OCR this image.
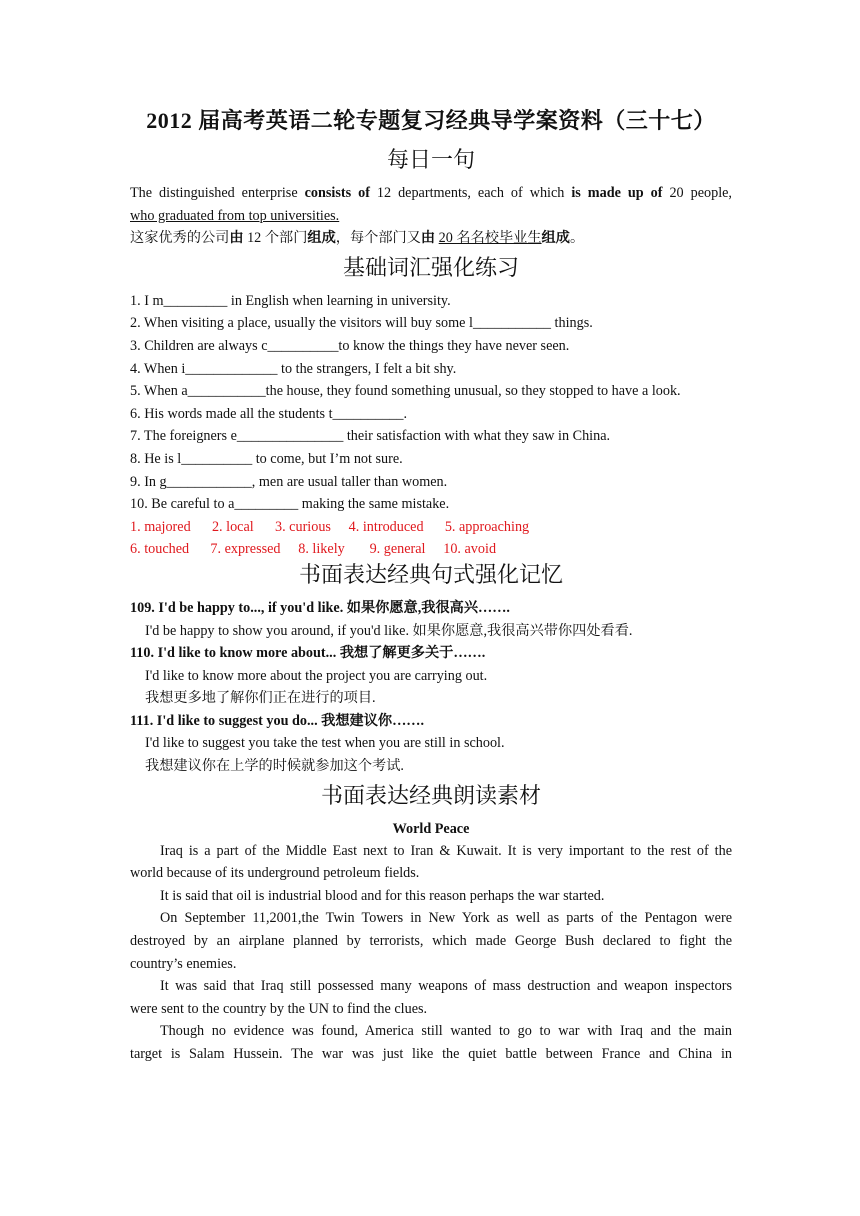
2012 届高考英语二轮专题复习经典导学案资料（三十七）
每日一句
The distinguished enterprise consists of 12 departments, each of which is made up of 20 people,
who graduated from top universities.
这家优秀的公司由 12 个部门组成，每个部门又由 20 名名校毕业生组成。
基础词汇强化练习
1. I m_________ in English when learning in university.
2. When visiting a place, usually the visitors will buy some l___________ things.
3. Children are always c__________to know the things they have never seen.
4. When i_____________ to the strangers, I felt a bit shy.
5. When a___________the house, they found something unusual, so they stopped to have a look.
6. His words made all the students t__________.
7. The foreigners e_______________ their satisfaction with what they saw in China.
8. He is l__________ to come, but I’m not sure.
9. In g____________, men are usual taller than women.
10. Be careful to a_________ making the same mistake.
1. majored      2. local      3. curious     4. introduced      5. approaching
6. touched      7. expressed     8. likely       9. general     10. avoid
书面表达经典句式强化记忆
109. I'd be happy to..., if you'd like. 如果你愿意,我很高兴…….
I'd be happy to show you around, if you'd like. 如果你愿意,我很高兴带你四处看看.
110. I'd like to know more about... 我想了解更多关于…….
I'd like to know more about the project you are carrying out.
我想更多地了解你们正在进行的项目.
111. I'd like to suggest you do... 我想建议你…….
I'd like to suggest you take the test when you are still in school.
我想建议你在上学的时候就参加这个考试.
书面表达经典朗读素材
World Peace
Iraq is a part of the Middle East next to Iran & Kuwait. It is very important to the rest of the
world because of its underground petroleum fields.
It is said that oil is industrial blood and for this reason perhaps the war started.
On September 11,2001,the Twin Towers in New York as well as parts of the Pentagon were
destroyed by an airplane planned by terrorists, which made George Bush declared to fight the
country’s enemies.
It was said that Iraq still possessed many weapons of mass destruction and weapon inspectors
were sent to the country by the UN to find the clues.
Though no evidence was found, America still wanted to go to war with Iraq and the main
target is Salam Hussein. The war was just like the quiet battle between France and China in
